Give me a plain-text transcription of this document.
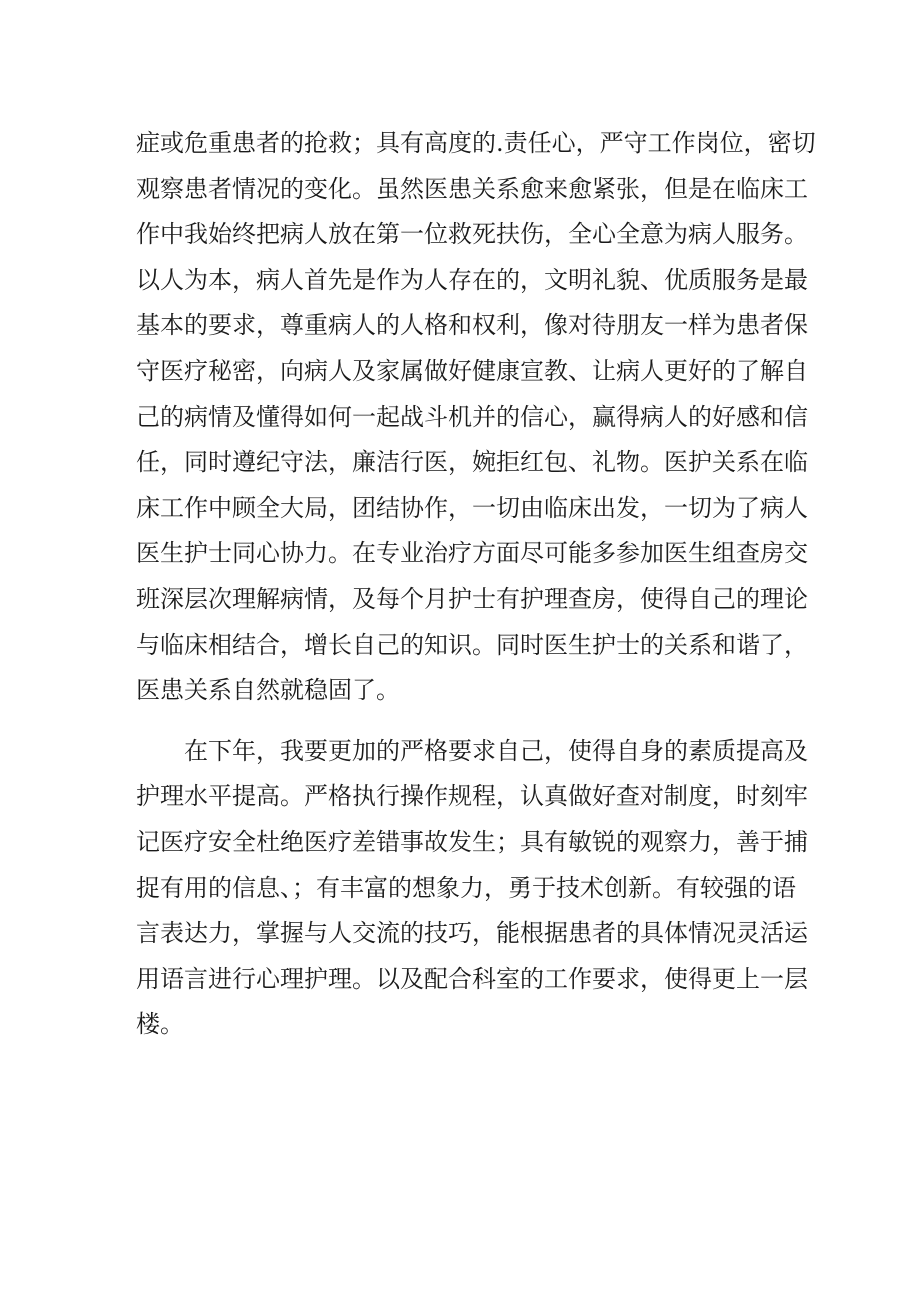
症或危重患者的抢救；具有高度的.责任心，严守工作岗位，密切
观察患者情况的变化。虽然医患关系愈来愈紧张，但是在临床工
作中我始终把病人放在第一位救死扶伤，全心全意为病人服务。
以人为本，病人首先是作为人存在的，文明礼貌、优质服务是最
基本的要求，尊重病人的人格和权利，像对待朋友一样为患者保
守医疗秘密，向病人及家属做好健康宣教、让病人更好的了解自
己的病情及懂得如何一起战斗机并的信心，赢得病人的好感和信
任，同时遵纪守法，廉洁行医，婉拒红包、礼物。医护关系在临
床工作中顾全大局，团结协作，一切由临床出发，一切为了病人
医生护士同心协力。在专业治疗方面尽可能多参加医生组查房交
班深层次理解病情，及每个月护士有护理查房，使得自己的理论
与临床相结合，增长自己的知识。同时医生护士的关系和谐了，
医患关系自然就稳固了。
在下年，我要更加的严格要求自己，使得自身的素质提高及
护理水平提高。严格执行操作规程，认真做好查对制度，时刻牢
记医疗安全杜绝医疗差错事故发生；具有敏锐的观察力，善于捕
捉有用的信息、；有丰富的想象力，勇于技术创新。有较强的语
言表达力，掌握与人交流的技巧，能根据患者的具体情况灵活运
用语言进行心理护理。以及配合科室的工作要求，使得更上一层
楼。
